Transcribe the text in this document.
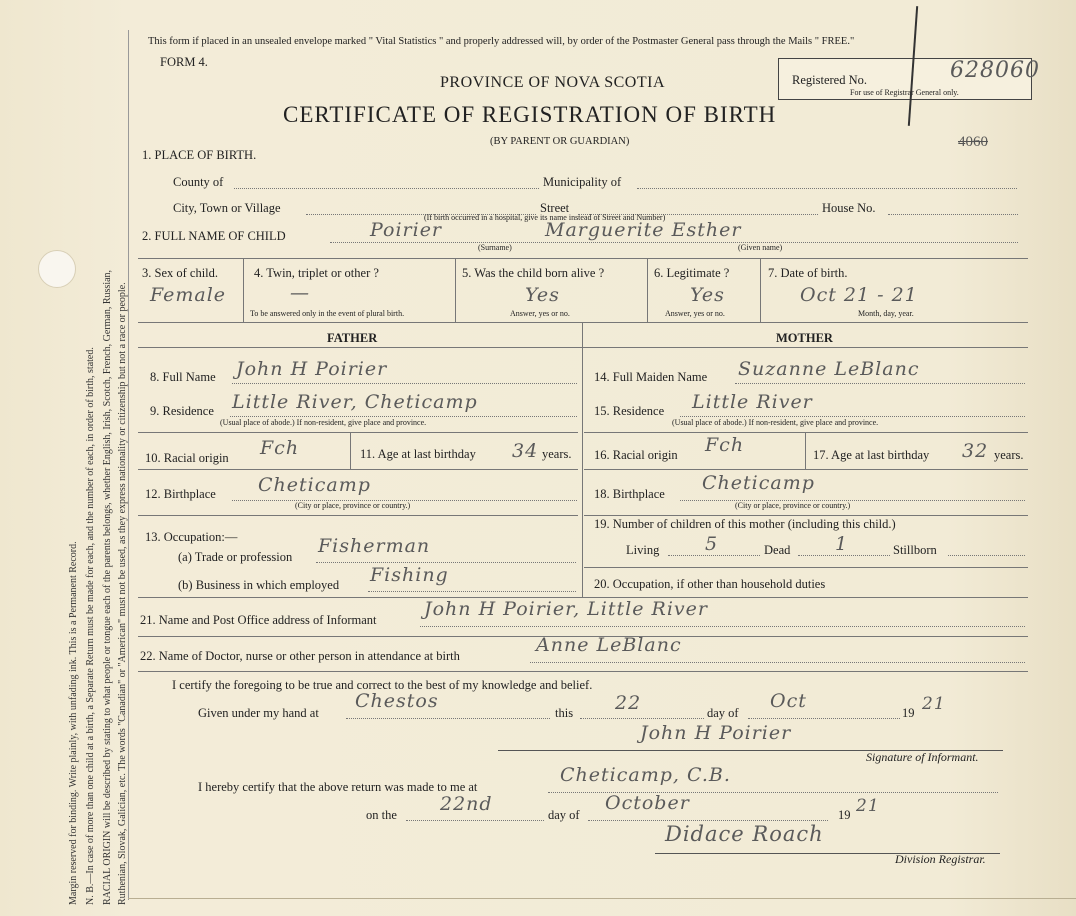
Margin reserved for binding. Write plainly, with unfading ink. This is a Permanent Record. N. B.—In case of more than one child at a birth, a Separate Return must be made for each, and the number of each, in order of birth, stated. RACIAL ORIGIN will be described by stating to what people or tongue each of the parents belongs, whether English, Irish, Scotch, French, German, Russian, Ruthenian, Slovak, Galician, etc. The words "Canadian" or "American" must not be used, as they express nationality or citizenship but not a race or people.
This form if placed in an unsealed envelope marked " Vital Statistics " and properly addressed will, by order of the Postmaster General pass through the Mails " FREE."
FORM 4.
PROVINCE OF NOVA SCOTIA
CERTIFICATE OF REGISTRATION OF BIRTH
(BY PARENT OR GUARDIAN)
Registered No.	628060
For use of Registrar General only.
4060
1. PLACE OF BIRTH.
County of	Municipality of
City, Town or Village	Street	House No.
(If birth occurred in a hospital, give its name instead of Street and Number)
2. FULL NAME OF CHILD	Poirier	Marguerite Esther
(Surname)	(Given name)
3. Sex of child.
Female
4. Twin, triplet or other ?
—
To be answered only in the event of plural birth.
5. Was the child born alive ?
Yes
Answer, yes or no.
6. Legitimate ?
Yes
Answer, yes or no.
7. Date of birth.
Oct 21 - 21
Month, day, year.
FATHER	MOTHER
8. Full Name John H Poirier
9. Residence Little River, Cheticamp
(Usual place of abode.) If non-resident, give place and province.
10. Racial origin Fch	11. Age at last birthday 34 years.
12. Birthplace Cheticamp
(City or place, province or country.)
13. Occupation:—
(a) Trade or profession Fisherman
(b) Business in which employed Fishing
14. Full Maiden Name Suzanne LeBlanc
15. Residence Little River
(Usual place of abode.) If non-resident, give place and province.
16. Racial origin Fch	17. Age at last birthday 32 years.
18. Birthplace Cheticamp
(City or place, province or country.)
19. Number of children of this mother (including this child.)
Living 5	Dead 1	Stillborn
20. Occupation, if other than household duties
21. Name and Post Office address of Informant John H Poirier, Little River
22. Name of Doctor, nurse or other person in attendance at birth	Anne LeBlanc
I certify the foregoing to be true and correct to the best of my knowledge and belief.
Given under my hand at
Chestos
this 22	day of
Oct
19 21
John H Poirier
Signature of Informant.
I hereby certify that the above return was made to me at
Cheticamp, C.B.
on the 22nd	day of
October
19 21
Didace Roach
Division Registrar.
